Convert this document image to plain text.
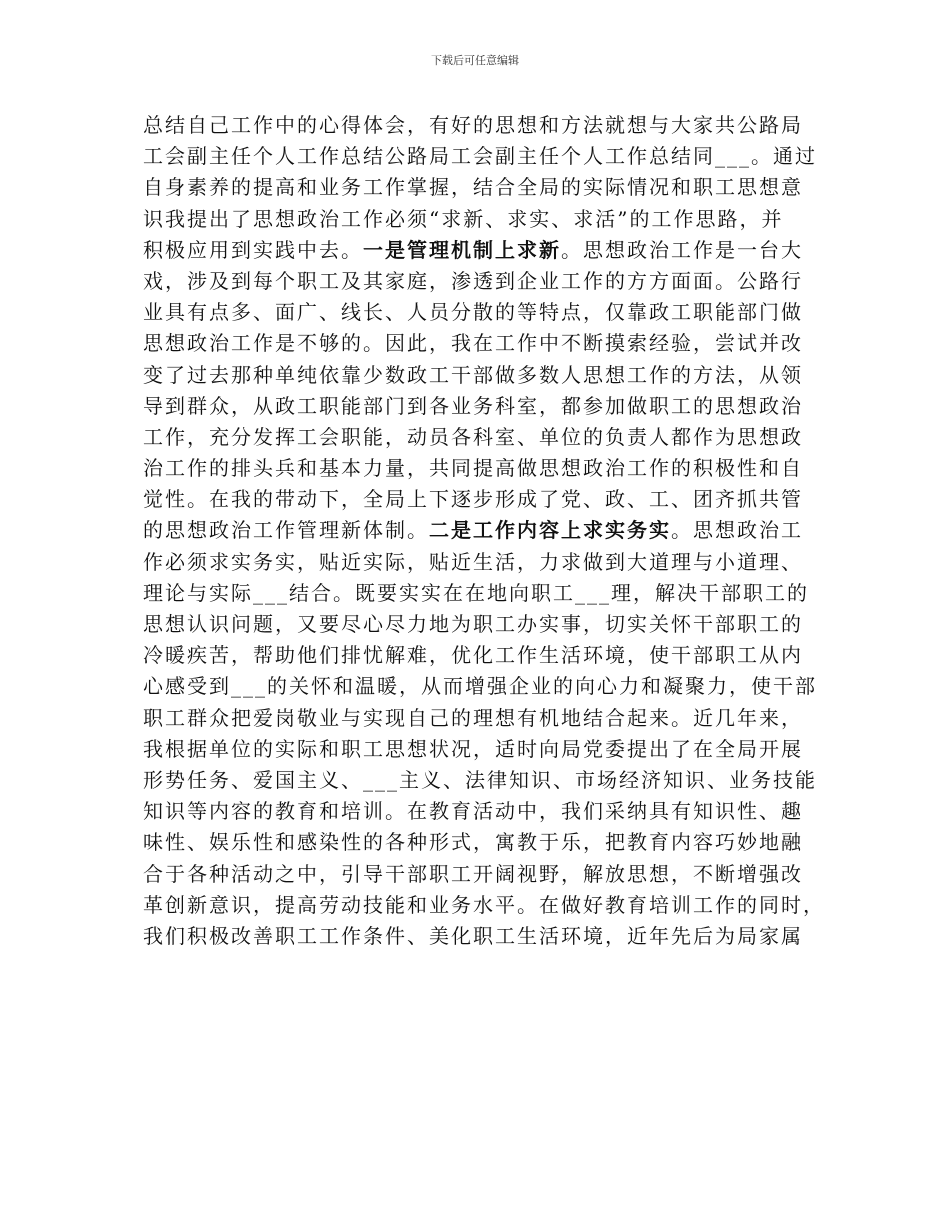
下载后可任意编辑
总结自己工作中的心得体会，有好的思想和方法就想与大家共公路局
工会副主任个人工作总结公路局工会副主任个人工作总结同___。通过
自身素养的提高和业务工作掌握，结合全局的实际情况和职工思想意
识我提出了思想政治工作必须“求新、求实、求活”的工作思路，并
积极应用到实践中去。一是管理机制上求新。思想政治工作是一台大
戏，涉及到每个职工及其家庭，渗透到企业工作的方方面面。公路行
业具有点多、面广、线长、人员分散的等特点，仅靠政工职能部门做
思想政治工作是不够的。因此，我在工作中不断摸索经验，尝试并改
变了过去那种单纯依靠少数政工干部做多数人思想工作的方法，从领
导到群众，从政工职能部门到各业务科室，都参加做职工的思想政治
工作，充分发挥工会职能，动员各科室、单位的负责人都作为思想政
治工作的排头兵和基本力量，共同提高做思想政治工作的积极性和自
觉性。在我的带动下，全局上下逐步形成了党、政、工、团齐抓共管
的思想政治工作管理新体制。二是工作内容上求实务实。思想政治工
作必须求实务实，贴近实际，贴近生活，力求做到大道理与小道理、
理论与实际___结合。既要实实在在地向职工___理，解决干部职工的
思想认识问题，又要尽心尽力地为职工办实事，切实关怀干部职工的
冷暖疾苦，帮助他们排忧解难，优化工作生活环境，使干部职工从内
心感受到___的关怀和温暖，从而增强企业的向心力和凝聚力，使干部
职工群众把爱岗敬业与实现自己的理想有机地结合起来。近几年来，
我根据单位的实际和职工思想状况，适时向局党委提出了在全局开展
形势任务、爱国主义、___主义、法律知识、市场经济知识、业务技能
知识等内容的教育和培训。在教育活动中，我们采纳具有知识性、趣
味性、娱乐性和感染性的各种形式，寓教于乐，把教育内容巧妙地融
合于各种活动之中，引导干部职工开阔视野，解放思想，不断增强改
革创新意识，提高劳动技能和业务水平。在做好教育培训工作的同时，
我们积极改善职工工作条件、美化职工生活环境，近年先后为局家属
